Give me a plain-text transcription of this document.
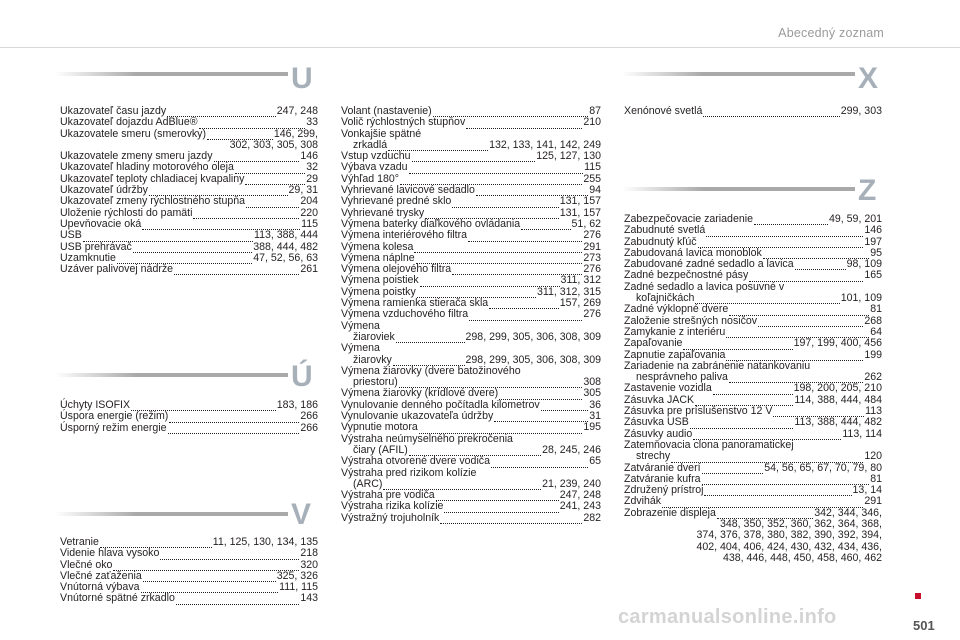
Abecedný zoznam
U
Ukazovateľ času jazdy	247, 248
Ukazovateľ dojazdu AdBlue®	33
Ukazovatele smeru (smerovky)	146, 299,
302, 303, 305, 308
Ukazovatele zmeny smeru jazdy	146
Ukazovateľ hladiny motorového oleja	32
Ukazovateľ teploty chladiacej kvapaliny	29
Ukazovateľ údržby	29, 31
Ukazovateľ zmeny rýchlostného stupňa	204
Uloženie rýchlosti do pamäti	220
Upevňovacie oká	115
USB	113, 388, 444
USB prehrávač	388, 444, 482
Uzamknutie	47, 52, 56, 63
Uzáver palivovej nádrže	261
Ú
Úchyty ISOFIX	183, 186
Úspora energie (režim)	266
Úsporný režim energie	266
V
Vetranie	11, 125, 130, 134, 135
Videnie hlava vysoko	218
Vlečné oko	320
Vlečné zaťaženia	325, 326
Vnútorná výbava	111, 115
Vnútorné spätné zrkadlo	143
Volant (nastavenie)	87
Volič rýchlostných stupňov	210
Vonkajšie spätné
zrkadlá	132, 133, 141, 142, 249
Vstup vzduchu	125, 127, 130
Výbava vzadu	115
Výhľad 180°	255
Vyhrievané lavicové sedadlo	94
Vyhrievané predné sklo	131, 157
Vyhrievané trysky	131, 157
Výmena baterky diaľkového ovládania	51, 62
Výmena interiérového filtra	276
Výmena kolesa	291
Výmena náplne	273
Výmena olejového filtra	276
Výmena poistiek	311, 312
Výmena poistky	311, 312, 315
Výmena ramienka stierača skla	157, 269
Výmena vzduchového filtra	276
Výmena
žiaroviek	298, 299, 305, 306, 308, 309
Výmena
žiarovky	298, 299, 305, 306, 308, 309
Výmena žiarovky (dvere batožinového
priestoru)	308
Výmena žiarovky (krídlové dvere)	305
Vynulovanie denného počítadla kilometrov	36
Vynulovanie ukazovateľa údržby	31
Vypnutie motora	195
Výstraha neúmyselného prekročenia
čiary (AFIL)	28, 245, 246
Výstraha otvorené dvere vodiča	65
Výstraha pred rizikom kolízie
(ARC)	21, 239, 240
Výstraha pre vodiča	247, 248
Výstraha rizika kolízie	241, 243
Výstražný trojuholník	282
X
Xenónové svetlá	299, 303
Z
Zabezpečovacie zariadenie	49, 59, 201
Zabudnuté svetlá	146
Zabudnutý kľúč	197
Zabudovaná lavica monoblok	95
Zabudované zadné sedadlo a lavica	98, 109
Zadné bezpečnostné pásy	165
Zadné sedadlo a lavica posuvné v
koľajničkách	101, 109
Zadné výklopné dvere	81
Založenie strešných nosičov	268
Zamykanie z interiéru	64
Zapaľovanie	197, 199, 400, 456
Zapnutie zapaľovania	199
Zariadenie na zabránenie natankovaniu
nesprávneho paliva	262
Zastavenie vozidla	198, 200, 205, 210
Zásuvka JACK	114, 388, 444, 484
Zásuvka pre príslušenstvo 12 V	113
Zásuvka USB	113, 388, 444, 482
Zásuvky audio	113, 114
Zatemňovacia clona panoramatickej
strechy	120
Zatváranie dverí	54, 56, 65, 67, 70, 79, 80
Zatváranie kufra	81
Združený prístroj	13, 14
Zdvihák	291
Zobrazenie displeja	342, 344, 346,
348, 350, 352, 360, 362, 364, 368,
374, 376, 378, 380, 382, 390, 392, 394,
402, 404, 406, 424, 430, 432, 434, 436,
438, 446, 448, 450, 458, 460, 462
501
carmanualsonline.info
